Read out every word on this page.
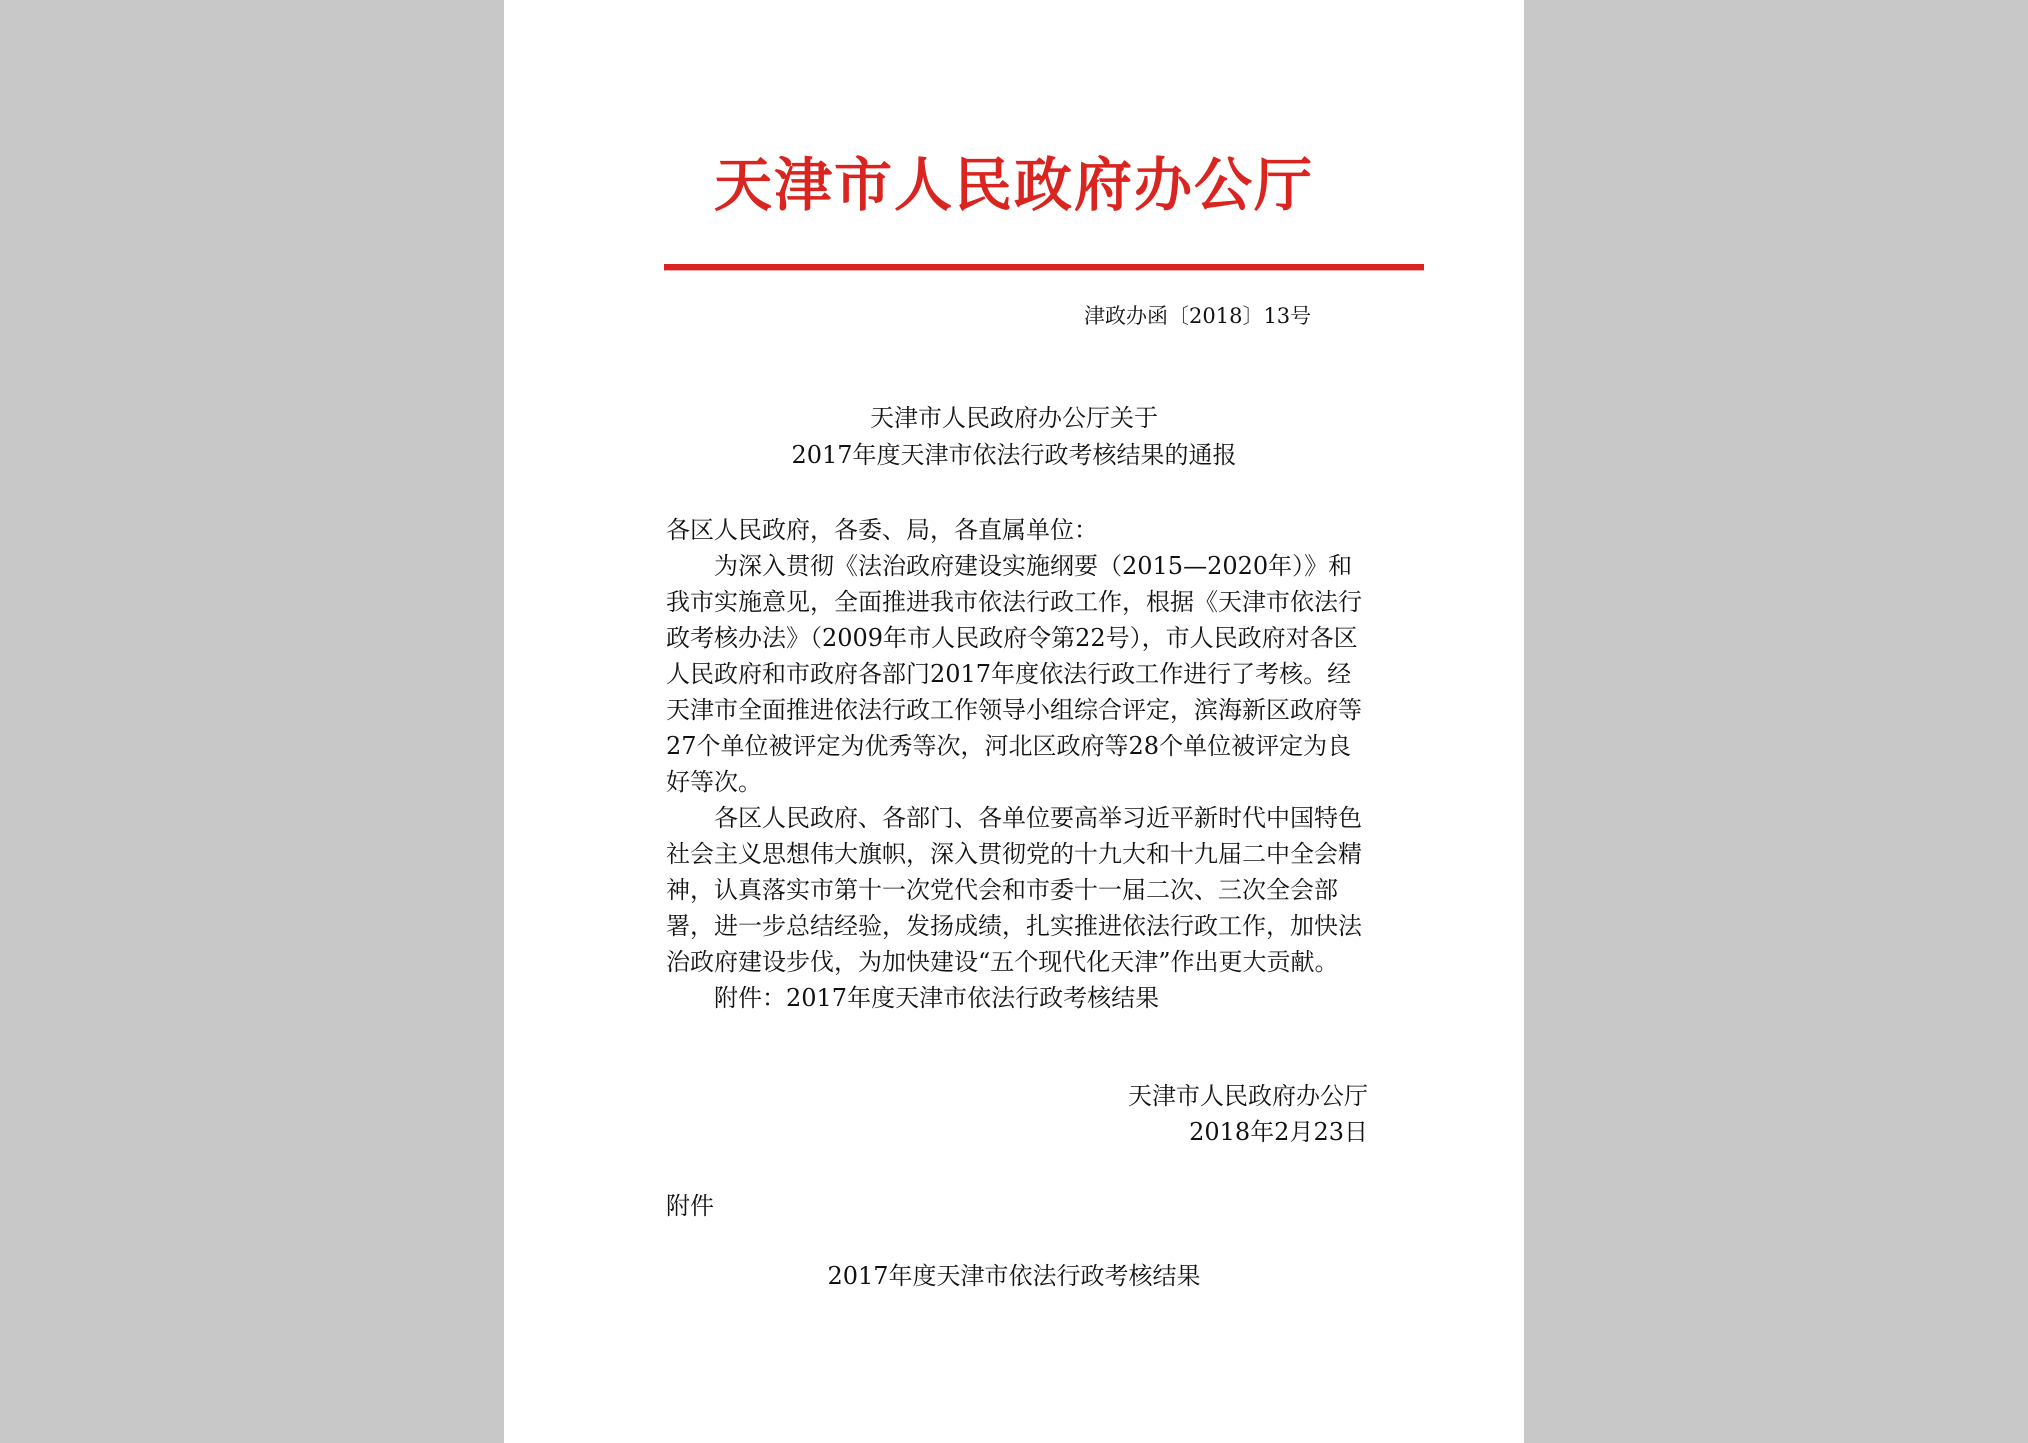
天津市人民政府办公厅
津政办函〔2018〕13号
天津市人民政府办公厅关于
2017年度天津市依法行政考核结果的通报

各区人民政府，各委、局，各直属单位：

为深入贯彻《法治政府建设实施纲要（2015—2020年）》和我市实施意见，全面推进我市依法行政工作，根据《天津市依法行政考核办法》（2009年市人民政府令第22号），市人民政府对各区人民政府和市政府各部门2017年度依法行政工作进行了考核。经天津市全面推进依法行政工作领导小组综合评定，滨海新区政府等27个单位被评定为优秀等次，河北区政府等28个单位被评定为良好等次。

各区人民政府、各部门、各单位要高举习近平新时代中国特色社会主义思想伟大旗帜，深入贯彻党的十九大和十九届二中全会精神，认真落实市第十一次党代会和市委十一届二次、三次全会部署，进一步总结经验，发扬成绩，扎实推进依法行政工作，加快法治政府建设步伐，为加快建设“五个现代化天津”作出更大贡献。

附件：2017年度天津市依法行政考核结果

天津市人民政府办公厅
2018年2月23日
附件
2017年度天津市依法行政考核结果
